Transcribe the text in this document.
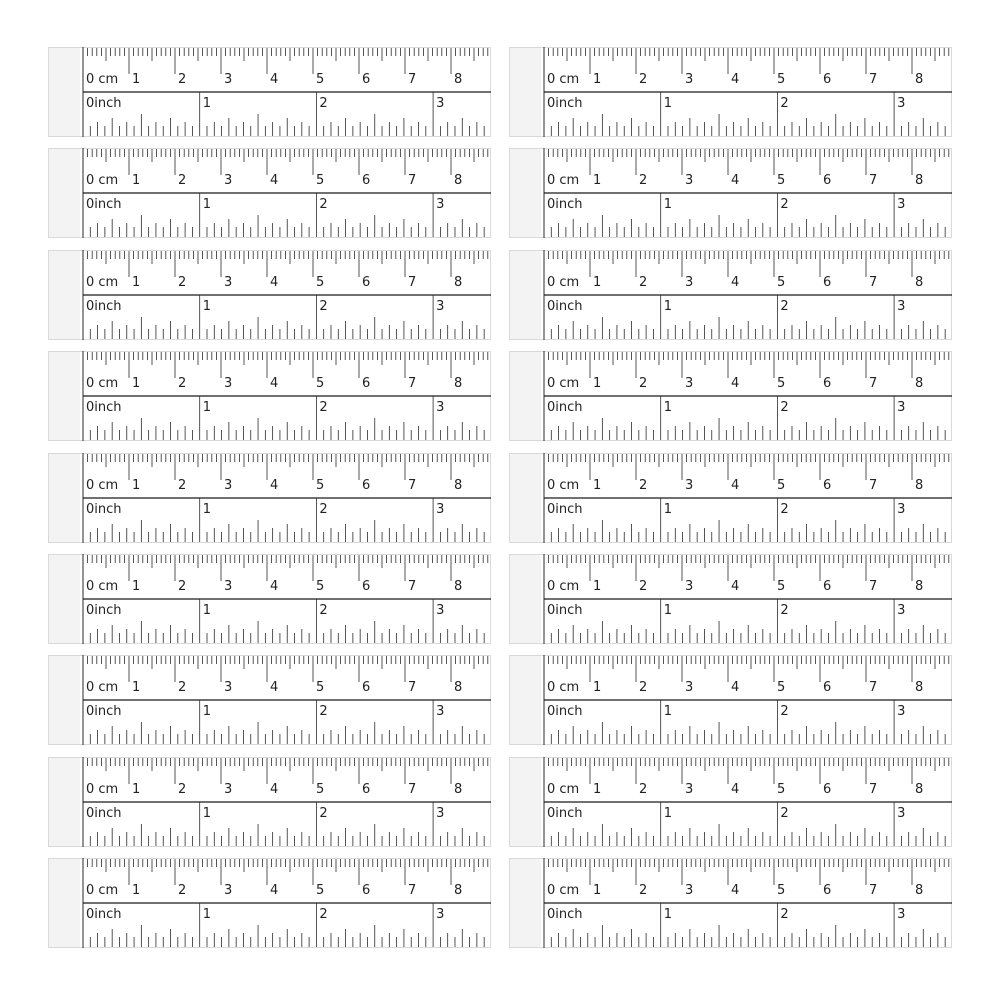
0 cm 1	2	3	4	5	6	7	8
0inch	1	2	3
0 cm 1	2	3	4	5	6	7	8
0inch	1	2	3
0 cm 1	2	3	4	5	6	7	8
0inch	1	2	3
0 cm 1	2	3	4	5	6	7	8
0inch	1	2	3
0 cm 1	2	3	4	5	6	7	8
0inch	1	2	3
0 cm 1	2	3	4	5	6	7	8
0inch	1	2	3
0 cm 1	2	3	4	5	6	7	8
0inch	1	2	3
0 cm 1	2	3	4	5	6	7	8
0inch	1	2	3
0 cm 1	2	3	4	5	6	7	8
0inch	1	2	3
0 cm 1	2	3	4	5	6	7	8
0inch	1	2	3
0 cm 1	2	3	4	5	6	7	8
0inch	1	2	3
0 cm 1	2	3	4	5	6	7	8
0inch	1	2	3
0 cm 1	2	3	4	5	6	7	8
0inch	1	2	3
0 cm 1	2	3	4	5	6	7	8
0inch	1	2	3
0 cm 1	2	3	4	5	6	7	8
0inch	1	2	3
0 cm 1	2	3	4	5	6	7	8
0inch	1	2	3
0 cm 1	2	3	4	5	6	7	8
0inch	1	2	3
0 cm 1	2	3	4	5	6	7	8
0inch	1	2	3
